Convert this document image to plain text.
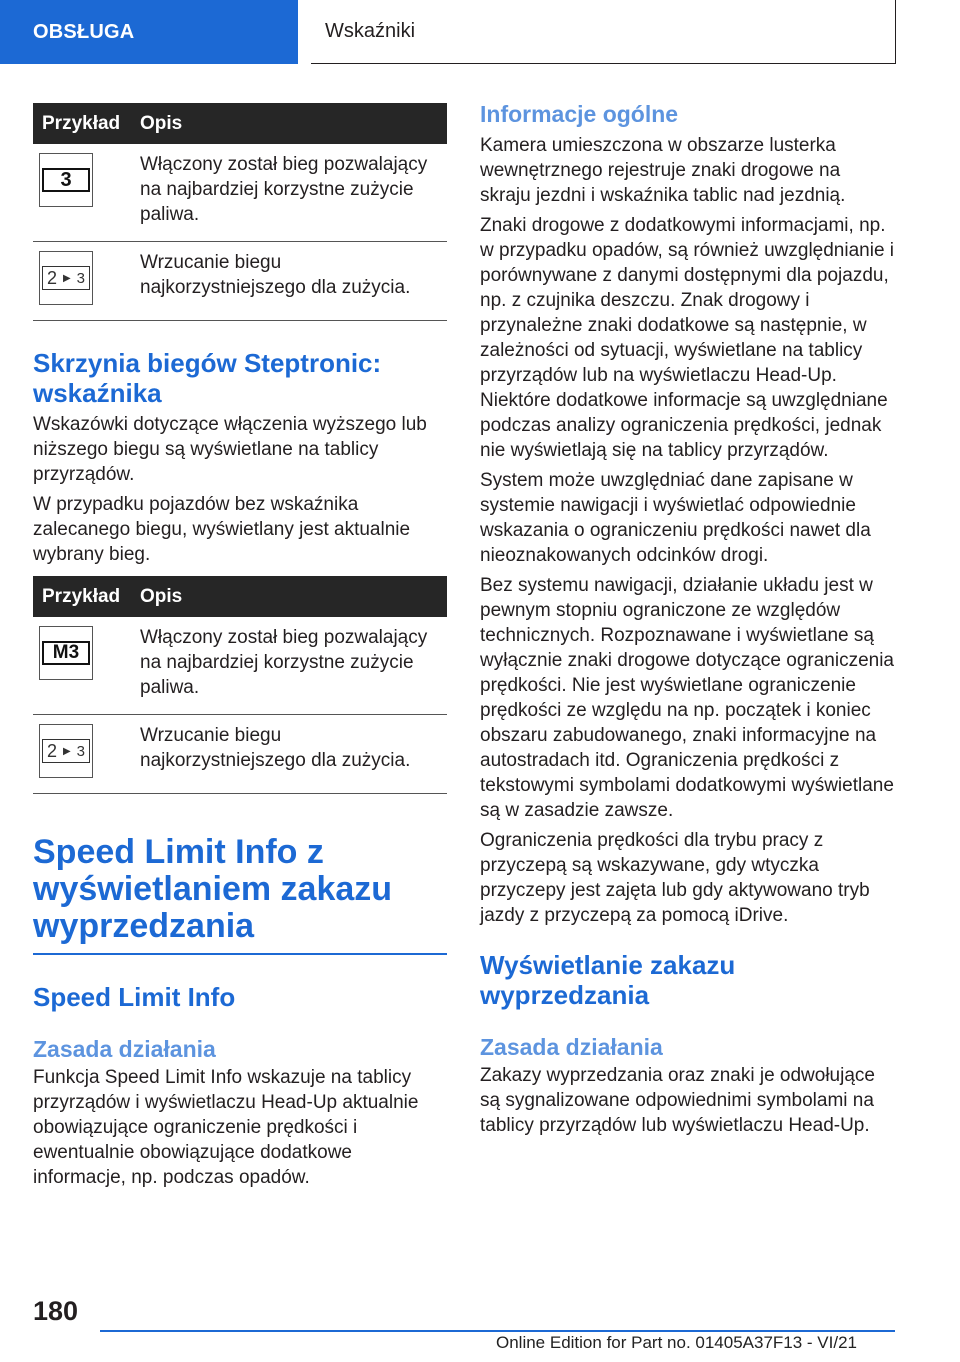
OBSŁUGA	Wskaźniki
Przykład	Opis

3	Włączony został bieg pozwalający na najbardziej korzystne zużycie paliwa.

2 ▶ 3	Wrzucanie biegu najkorzystniejszego dla zużycia.
Skrzynia biegów Steptronic: wskaźnika

Wskazówki dotyczące włączenia wyższego lub niższego biegu są wyświetlane na tablicy przyrządów.

W przypadku pojazdów bez wskaźnika zalecanego biegu, wyświetlany jest aktualnie wybrany bieg.

Przykład	Opis

M3	Włączony został bieg pozwalający na najbardziej korzystne zużycie paliwa.

2 ▶ 3	Wrzucanie biegu najkorzystniejszego dla zużycia.
Speed Limit Info z wyświetlaniem zakazu wyprzedzania
Speed Limit Info
Zasada działania

Funkcja Speed Limit Info wskazuje na tablicy przyrządów i wyświetlaczu Head-Up aktualnie obowiązujące ograniczenie prędkości i ewentualnie obowiązujące dodatkowe informacje, np. podczas opadów.

Informacje ogólne

Kamera umieszczona w obszarze lusterka wewnętrznego rejestruje znaki drogowe na skraju jezdni i wskaźnika tablic nad jezdnią.

Znaki drogowe z dodatkowymi informacjami, np. w przypadku opadów, są również uwzględnianie i porównywane z danymi dostępnymi dla pojazdu, np. z czujnika deszczu. Znak drogowy i przynależne znaki dodatkowe są następnie, w zależności od sytuacji, wyświetlane na tablicy przyrządów lub na wyświetlaczu Head-Up. Niektóre dodatkowe informacje są uwzględniane podczas analizy ograniczenia prędkości, jednak nie wyświetlają się na tablicy przyrządów.

System może uwzględniać dane zapisane w systemie nawigacji i wyświetlać odpowiednie wskazania o ograniczeniu prędkości nawet dla nieoznakowanych odcinków drogi.

Bez systemu nawigacji, działanie układu jest w pewnym stopniu ograniczone ze względów technicznych. Rozpoznawane i wyświetlane są wyłącznie znaki drogowe dotyczące ograniczenia prędkości. Nie jest wyświetlane ograniczenie prędkości ze względu na np. początek i koniec obszaru zabudowanego, znaki informacyjne na autostradach itd. Ograniczenia prędkości z tekstowymi symbolami dodatkowymi wyświetlane są w zasadzie zawsze.

Ograniczenia prędkości dla trybu pracy z przyczepą są wskazywane, gdy wtyczka przyczepy jest zajęta lub gdy aktywowano tryb jazdy z przyczepą za pomocą iDrive.

Wyświetlanie zakazu wyprzedzania
Zasada działania

Zakazy wyprzedzania oraz znaki je odwołujące są sygnalizowane odpowiednimi symbolami na tablicy przyrządów lub wyświetlaczu Head-Up.

180
Online Edition for Part no. 01405A37F13 - VI/21
